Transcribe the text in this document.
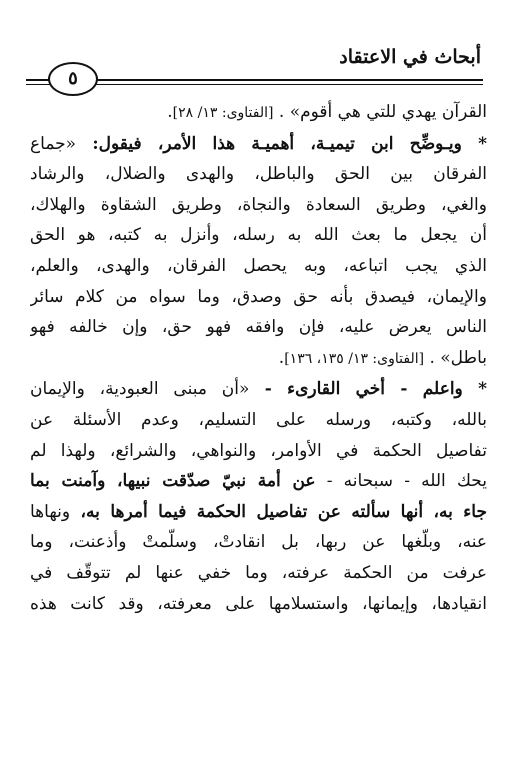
أبحاث في الاعتقاد
٥
القرآن يهدي للتي هي أقوم» . [الفتاوى: ١٣/ ٢٨].
* ويـوضِّح ابن تيميـة، أهميـة هذا الأمر، فيقول: «جماع
الفرقان بين الحق والباطل، والهدى والضلال، والرشاد
والغي، وطريق السعادة والنجاة، وطريق الشقاوة والهلاك،
أن يجعل ما بعث الله به رسله، وأنزل به كتبه، هو الحق
الذي يجب اتباعه، وبه يحصل الفرقان، والهدى، والعلم،
والإيمان، فيصدق بأنه حق وصدق، وما سواه من كلام سائر
الناس يعرض عليه، فإن وافقه فهو حق، وإن خالفه فهو
باطل» . [الفتاوى: ١٣/ ١٣٥، ١٣٦].
* واعلم - أخي القارىء - «أن مبنى العبودية، والإيمان
بالله، وكتبه، ورسله على التسليم، وعدم الأسئلة عن
تفاصيل الحكمة في الأوامر، والنواهي، والشرائع، ولهذا لم
يحك الله - سبحانه - عن أمة نبيّ صدّقت نبيها، وآمنت بما
جاء به، أنها سألته عن تفاصيل الحكمة فيما أمرها به، ونهاها
عنه، وبلّغها عن ربها، بل انقادتْ، وسلّمتْ وأذعنت، وما
عرفت من الحكمة عرفته، وما خفي عنها لم تتوقّف في
انقيادها، وإيمانها، واستسلامها على معرفته، وقد كانت هذه
